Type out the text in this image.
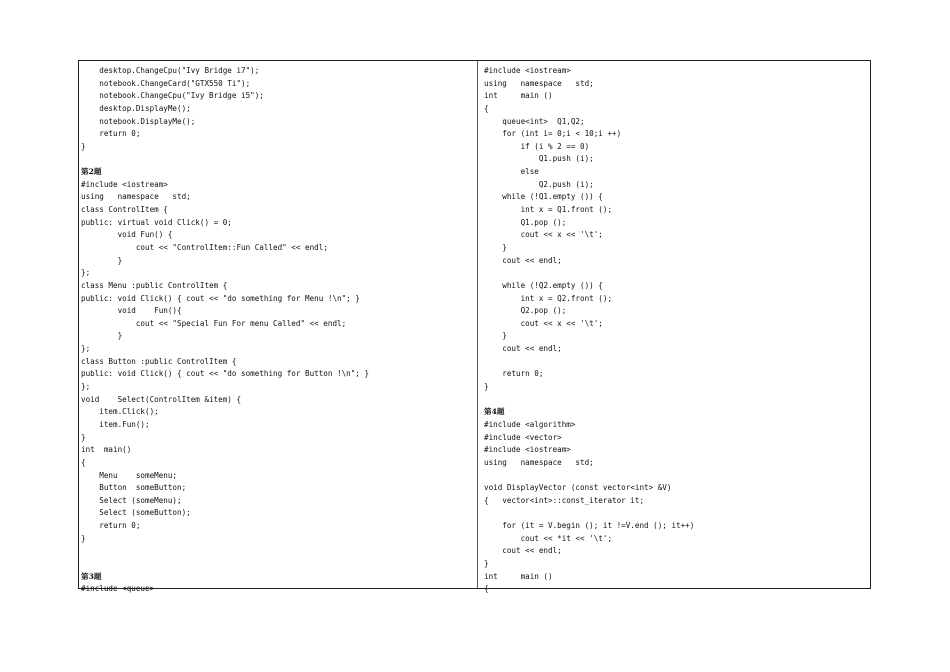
desktop.ChangeCpu("Ivy Bridge i7");
notebook.ChangeCard("GTX550 Ti");
notebook.ChangeCpu("Ivy Bridge i5");
desktop.DisplayMe();
notebook.DisplayMe();
return 0;
}
第2题
#include <iostream>
using   namespace   std;
class ControlItem {
public: virtual void Click() = 0;
void Fun() {
cout << "ControlItem::Fun Called" << endl;
}
};
class Menu :public ControlItem {
public: void Click() { cout << "do something for Menu !\n"; }
void    Fun(){
cout << "Special Fun For menu Called" << endl;
}
};
class Button :public ControlItem {
public: void Click() { cout << "do something for Button !\n"; }
};
void    Select(ControlItem &item) {
item.Click();
item.Fun();
}
int  main()
{
Menu    someMenu;
Button  someButton;
Select (someMenu);
Select (someButton);
return 0;
}
第3题
#include <queue>
#include <iostream>
using   namespace   std;
int     main ()
{
queue<int>  Q1,Q2;
for (int i= 0;i < 10;i ++)
if (i % 2 == 0)
Q1.push (i);
else
Q2.push (i);
while (!Q1.empty ()) {
int x = Q1.front ();
Q1.pop ();
cout << x << '\t';
}
cout << endl;
while (!Q2.empty ()) {
int x = Q2.front ();
Q2.pop ();
cout << x << '\t';
}
cout << endl;
return 0;
}
第4题
#include <algorithm>
#include <vector>
#include <iostream>
using   namespace   std;
void DisplayVector (const vector<int> &V)
{   vector<int>::const_iterator it;
for (it = V.begin (); it !=V.end (); it++)
cout << *it << '\t';
cout << endl;
}
int     main ()
{
